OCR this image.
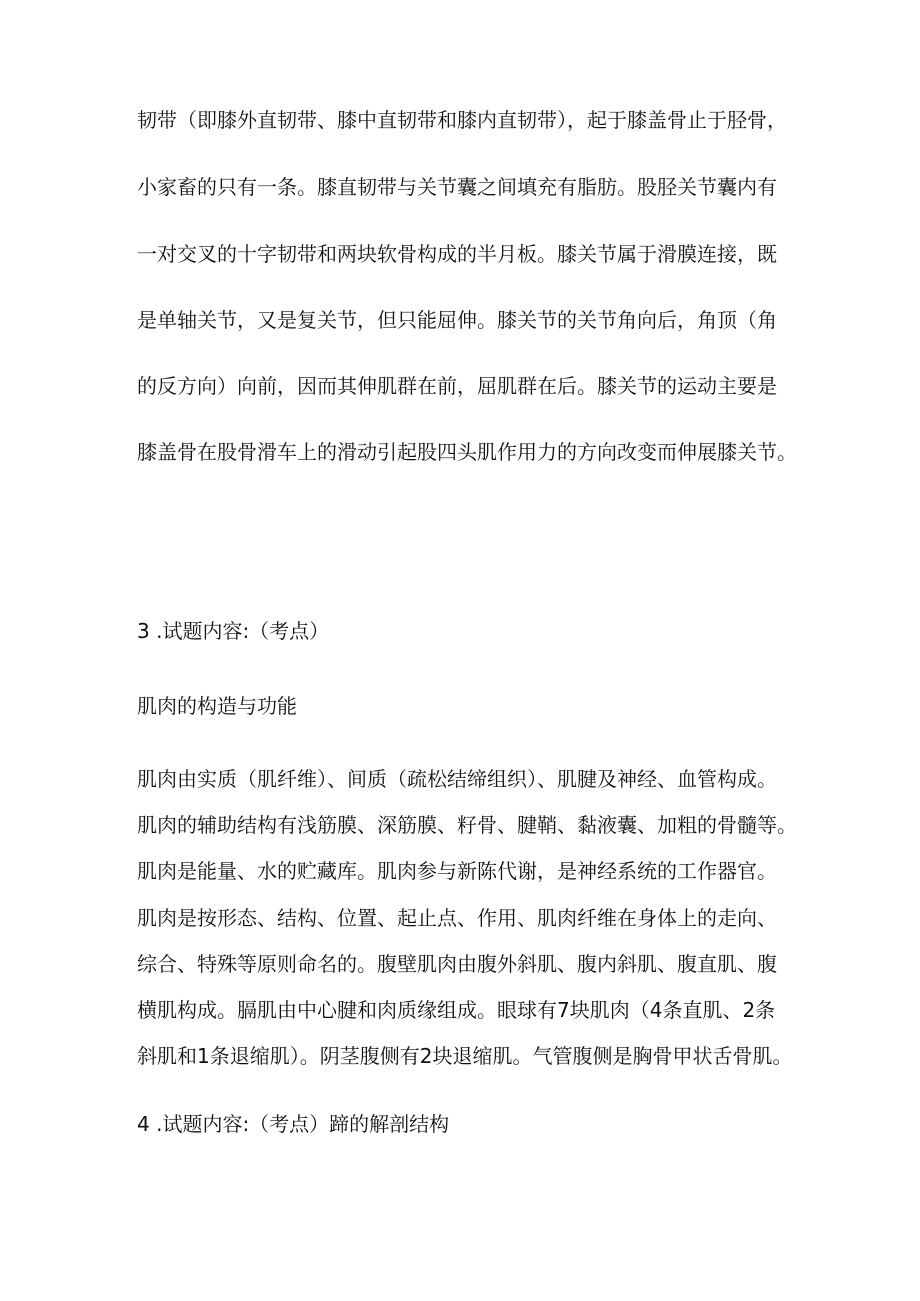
韧带（即膝外直韧带、膝中直韧带和膝内直韧带），起于膝盖骨止于胫骨，
小家畜的只有一条。膝直韧带与关节囊之间填充有脂肪。股胫关节囊内有
一对交叉的十字韧带和两块软骨构成的半月板。膝关节属于滑膜连接，既
是单轴关节，又是复关节，但只能屈伸。膝关节的关节角向后，角顶（角
的反方向）向前，因而其伸肌群在前，屈肌群在后。膝关节的运动主要是
膝盖骨在股骨滑车上的滑动引起股四头肌作用力的方向改变而伸展膝关节。
3 .试题内容:（考点）
肌肉的构造与功能
肌肉由实质（肌纤维）、间质（疏松结缔组织）、肌腱及神经、血管构成。
肌肉的辅助结构有浅筋膜、深筋膜、籽骨、腱鞘、黏液囊、加粗的骨髓等。
肌肉是能量、水的贮藏库。肌肉参与新陈代谢，是神经系统的工作器官。
肌肉是按形态、结构、位置、起止点、作用、肌肉纤维在身体上的走向、
综合、特殊等原则命名的。腹壁肌肉由腹外斜肌、腹内斜肌、腹直肌、腹
横肌构成。膈肌由中心腱和肉质缘组成。眼球有7块肌肉（4条直肌、2条
斜肌和1条退缩肌）。阴茎腹侧有2块退缩肌。气管腹侧是胸骨甲状舌骨肌。
4 .试题内容:（考点）蹄的解剖结构
